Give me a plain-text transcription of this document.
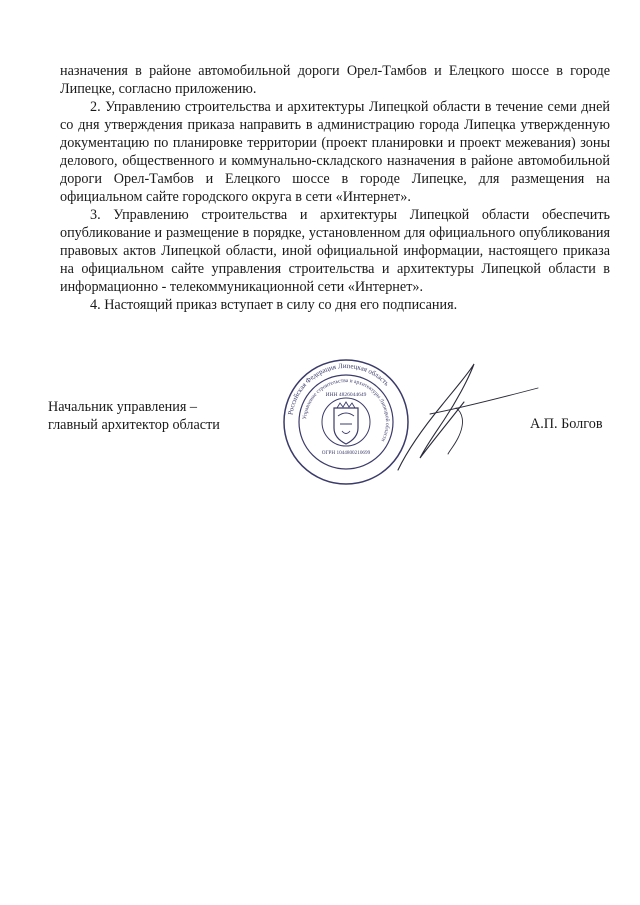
назначения в районе автомобильной дороги Орел-Тамбов и Елецкого шоссе в городе Липецке, согласно приложению.

2. Управлению строительства и архитектуры Липецкой области в течение семи дней со дня утверждения приказа направить в администрацию города Липецка утвержденную документацию по планировке территории (проект планировки и проект межевания) зоны делового, общественного и коммунально-складского назначения в районе автомобильной дороги Орел-Тамбов и Елецкого шоссе в городе Липецке, для размещения на официальном сайте городского округа в сети «Интернет».

3. Управлению строительства и архитектуры Липецкой области обеспечить опубликование и размещение в порядке, установленном для официального опубликования правовых актов Липецкой области, иной официальной информации, настоящего приказа на официальном сайте управления строительства и архитектуры Липецкой области в информационно - телекоммуникационной сети «Интернет».

4. Настоящий приказ вступает в силу со дня его подписания.

Начальник управления –
главный архитектор области
Российская Федерация Липецкая область
Управление строительства и архитектуры Липецкой области
ИНН 4826044649
ОГРН 1044800210699
А.П. Болгов
